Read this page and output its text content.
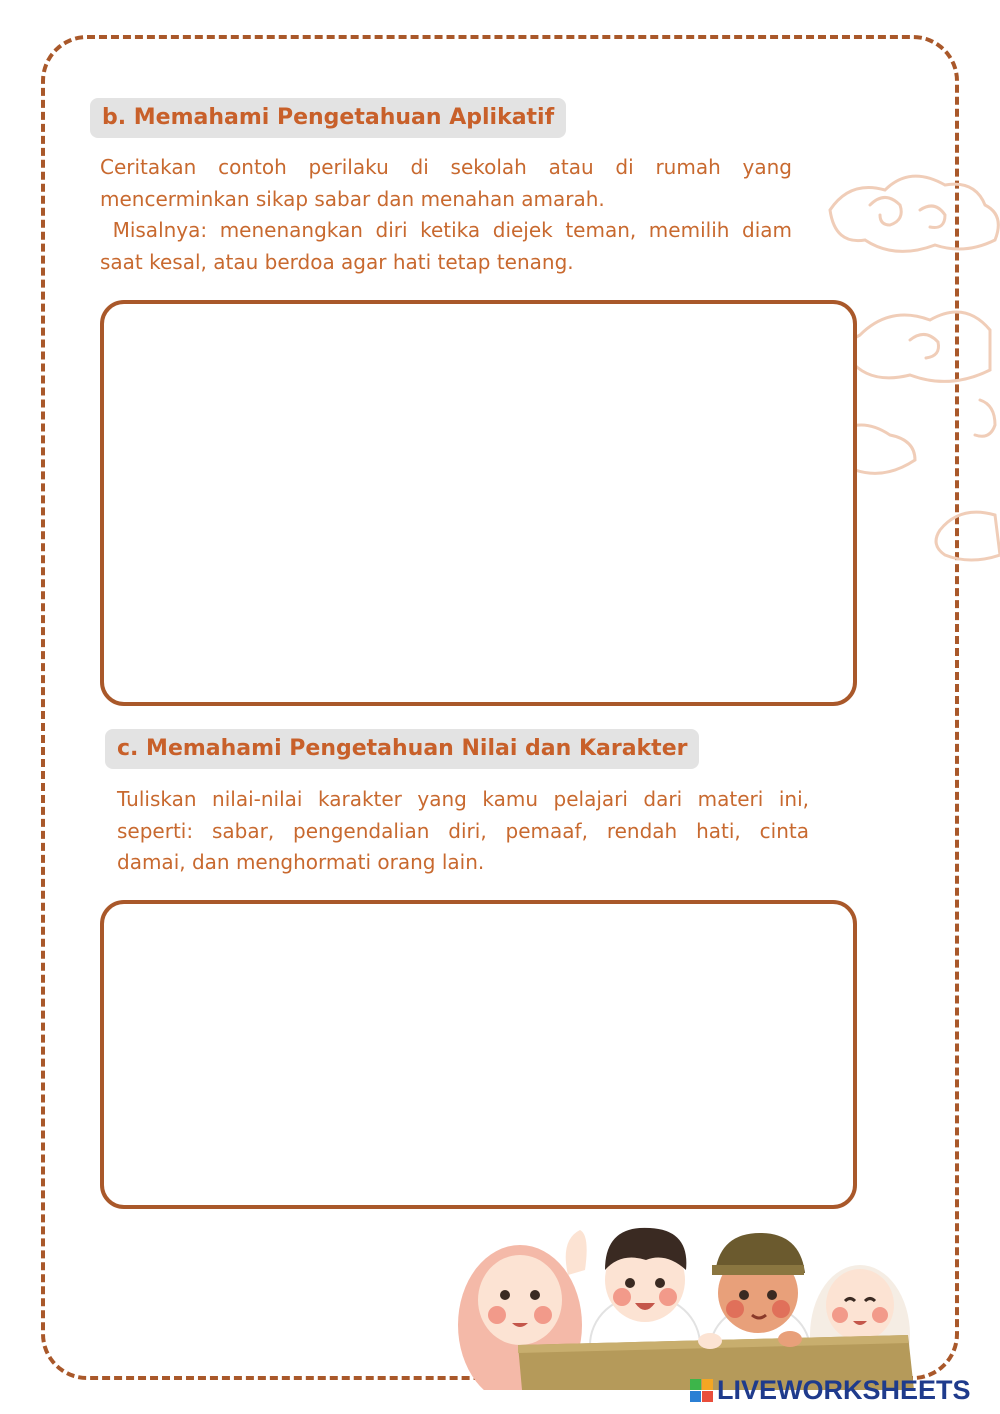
b. Memahami Pengetahuan Aplikatif
Ceritakan contoh perilaku di sekolah atau di rumah yang
mencerminkan sikap sabar dan menahan amarah.
Misalnya: menenangkan diri ketika diejek teman, memilih diam
saat kesal, atau berdoa agar hati tetap tenang.
c. Memahami Pengetahuan Nilai dan Karakter
Tuliskan nilai-nilai karakter yang kamu pelajari dari materi ini,
seperti: sabar, pengendalian diri, pemaaf, rendah hati, cinta
damai, dan menghormati orang lain.
LIVEWORKSHEETS
